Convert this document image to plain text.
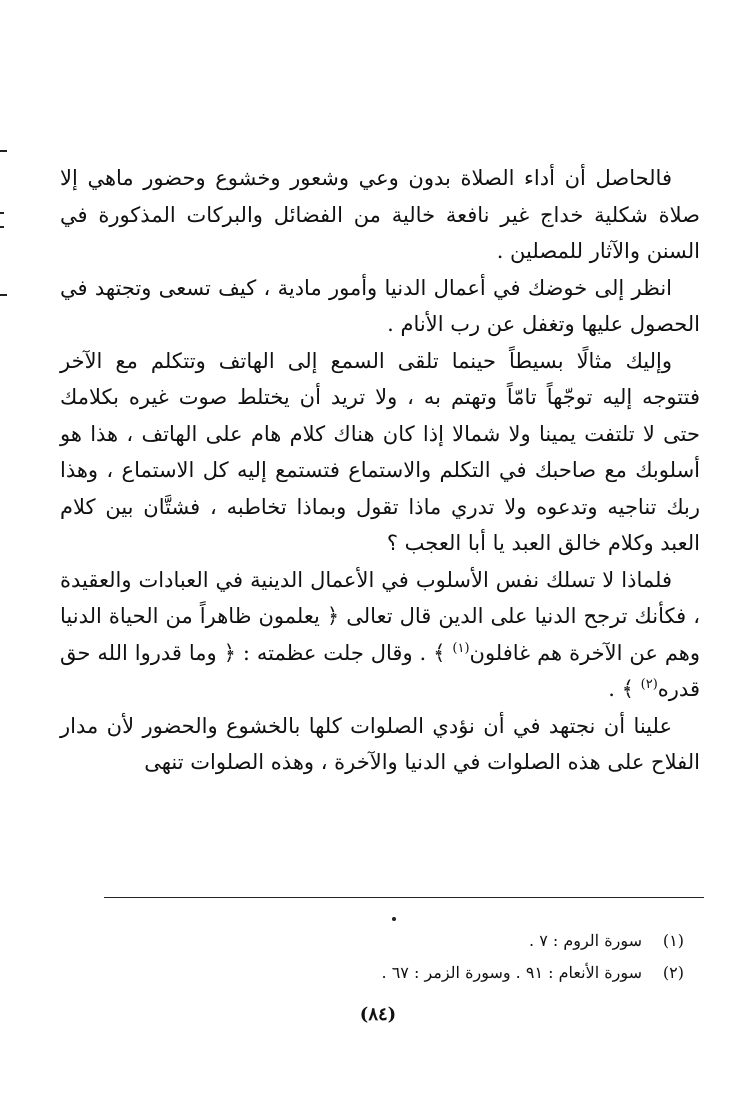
فالحاصل أن أداء الصلاة بدون وعي وشعور وخشوع وحضور ماهي إلا صلاة شكلية خداج غير نافعة خالية من الفضائل والبركات المذكورة في السنن والآثار للمصلين .

انظر إلى خوضك في أعمال الدنيا وأمور مادية ، كيف تسعى وتجتهد في الحصول عليها وتغفل عن رب الأنام .

وإليك مثالًا بسيطاً حينما تلقى السمع إلى الهاتف وتتكلم مع الآخر فتتوجه إليه توجّهاً تامّاً وتهتم به ، ولا تريد أن يختلط صوت غيره بكلامك حتى لا تلتفت يمينا ولا شمالا إذا كان هناك كلام هام على الهاتف ، هذا هو أسلوبك مع صاحبك في التكلم والاستماع فتستمع إليه كل الاستماع ، وهذا ربك تناجيه وتدعوه ولا تدري ماذا تقول وبماذا تخاطبه ، فشتَّان بين كلام العبد وكلام خالق العبد يا أبا العجب ؟

فلماذا لا تسلك نفس الأسلوب في الأعمال الدينية في العبادات والعقيدة ، فكأنك ترجح الدنيا على الدين قال تعالى ﴿ يعلمون ظاهراً من الحياة الدنيا وهم عن الآخرة هم غافلون$^{(١)}$ ﴾ . وقال جلت عظمته : ﴿ وما قدروا الله حق قدره$^{(٢)}$ ﴾ .

علينا أن نجتهد في أن نؤدي الصلوات كلها بالخشوع والحضور لأن مدار الفلاح على هذه الصلوات في الدنيا والآخرة ، وهذه الصلوات تنهى

(١)سورة الروم : ٧ .
(٢)سورة الأنعام : ٩١ . وسورة الزمر : ٦٧ .
(٨٤)
